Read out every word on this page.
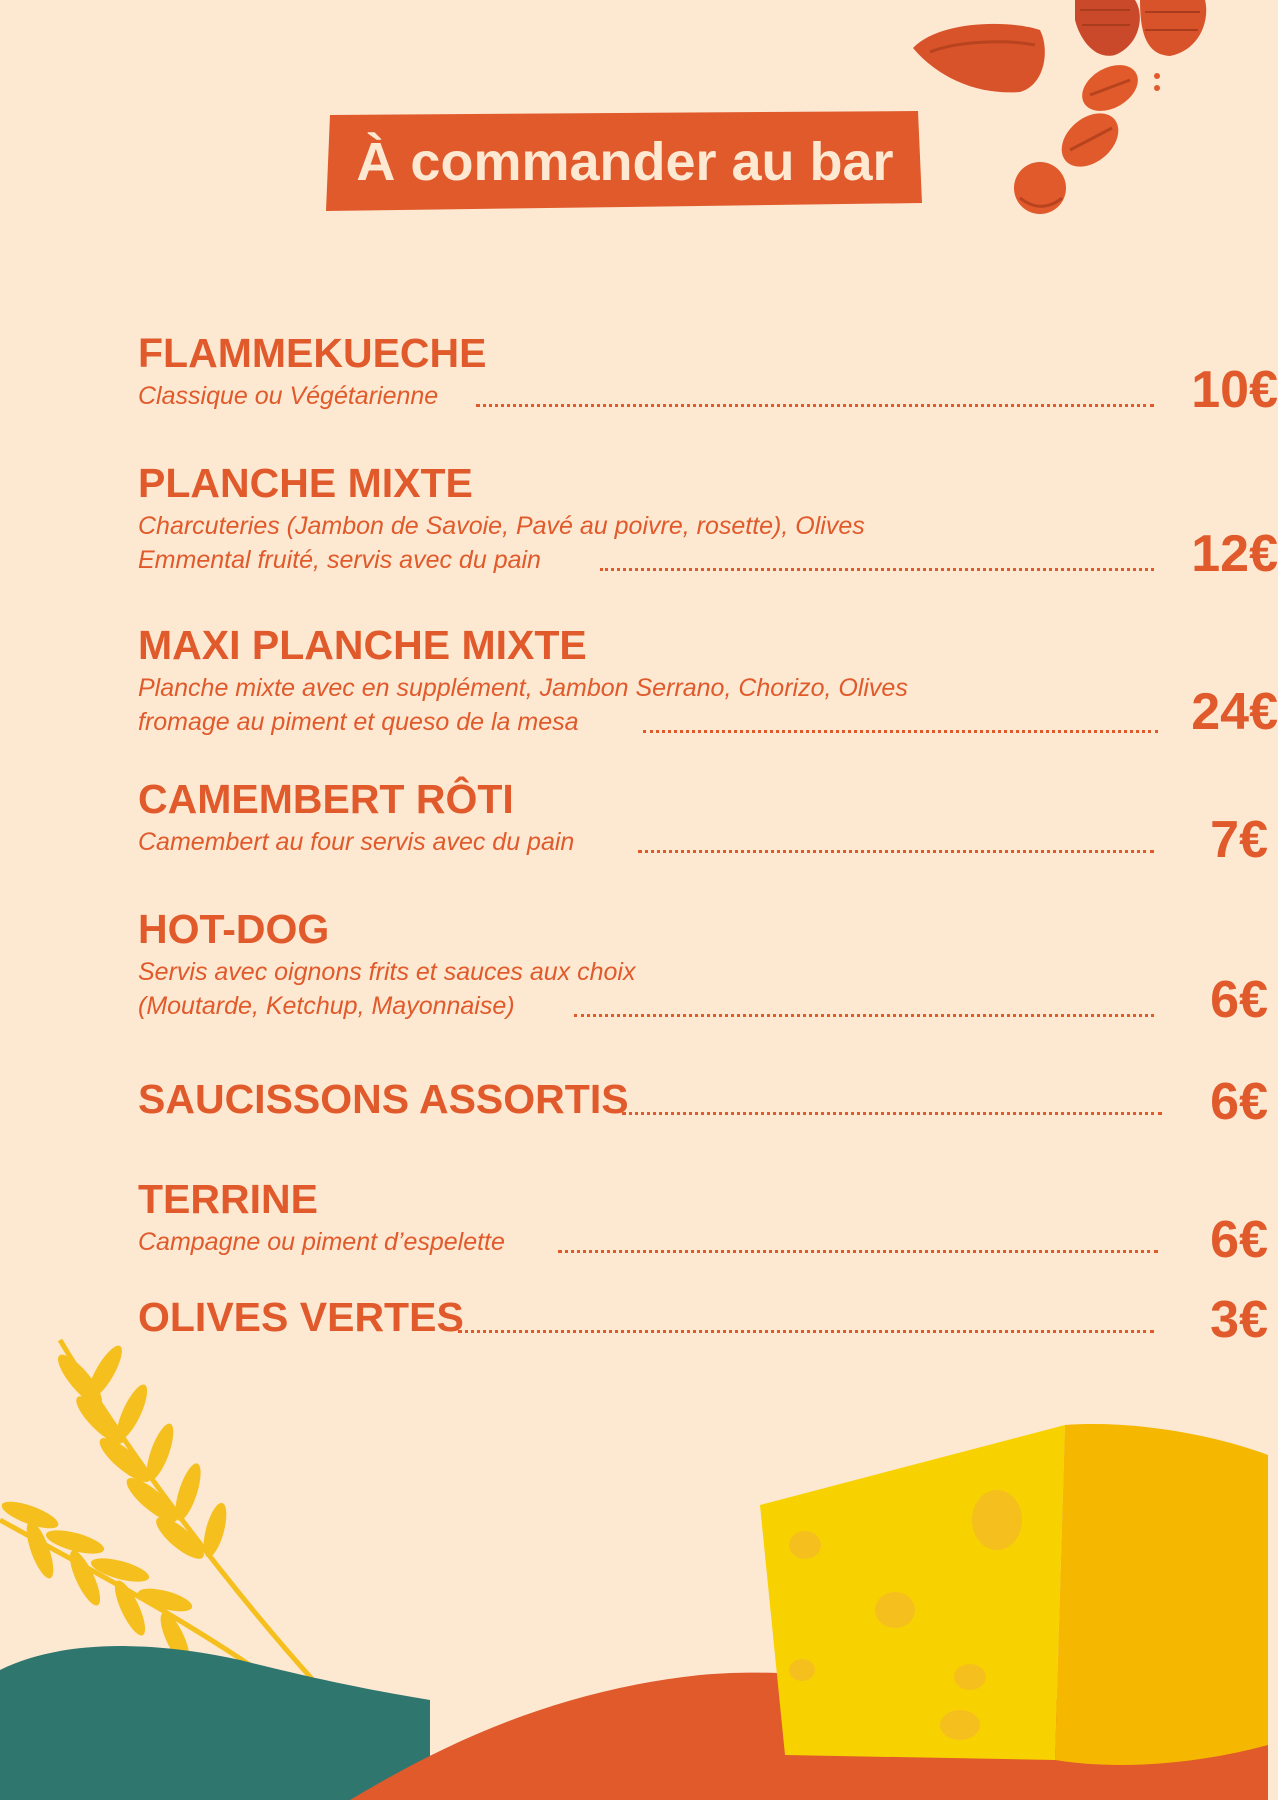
À commander au bar
FLAMMEKUECHE
Classique ou Végétarienne	10€
PLANCHE MIXTE
Charcuteries (Jambon de Savoie, Pavé au poivre, rosette), Olives
Emmental fruité, servis avec du pain	12€
MAXI PLANCHE MIXTE
Planche mixte avec en supplément, Jambon Serrano, Chorizo, Olives
fromage au piment et queso de la mesa	24€
CAMEMBERT RÔTI
Camembert au four servis avec du pain	7€
HOT-DOG
Servis avec oignons frits et sauces aux choix
(Moutarde, Ketchup, Mayonnaise)	6€
SAUCISSONS ASSORTIS	6€
TERRINE
Campagne ou piment d’espelette	6€
OLIVES VERTES	3€
